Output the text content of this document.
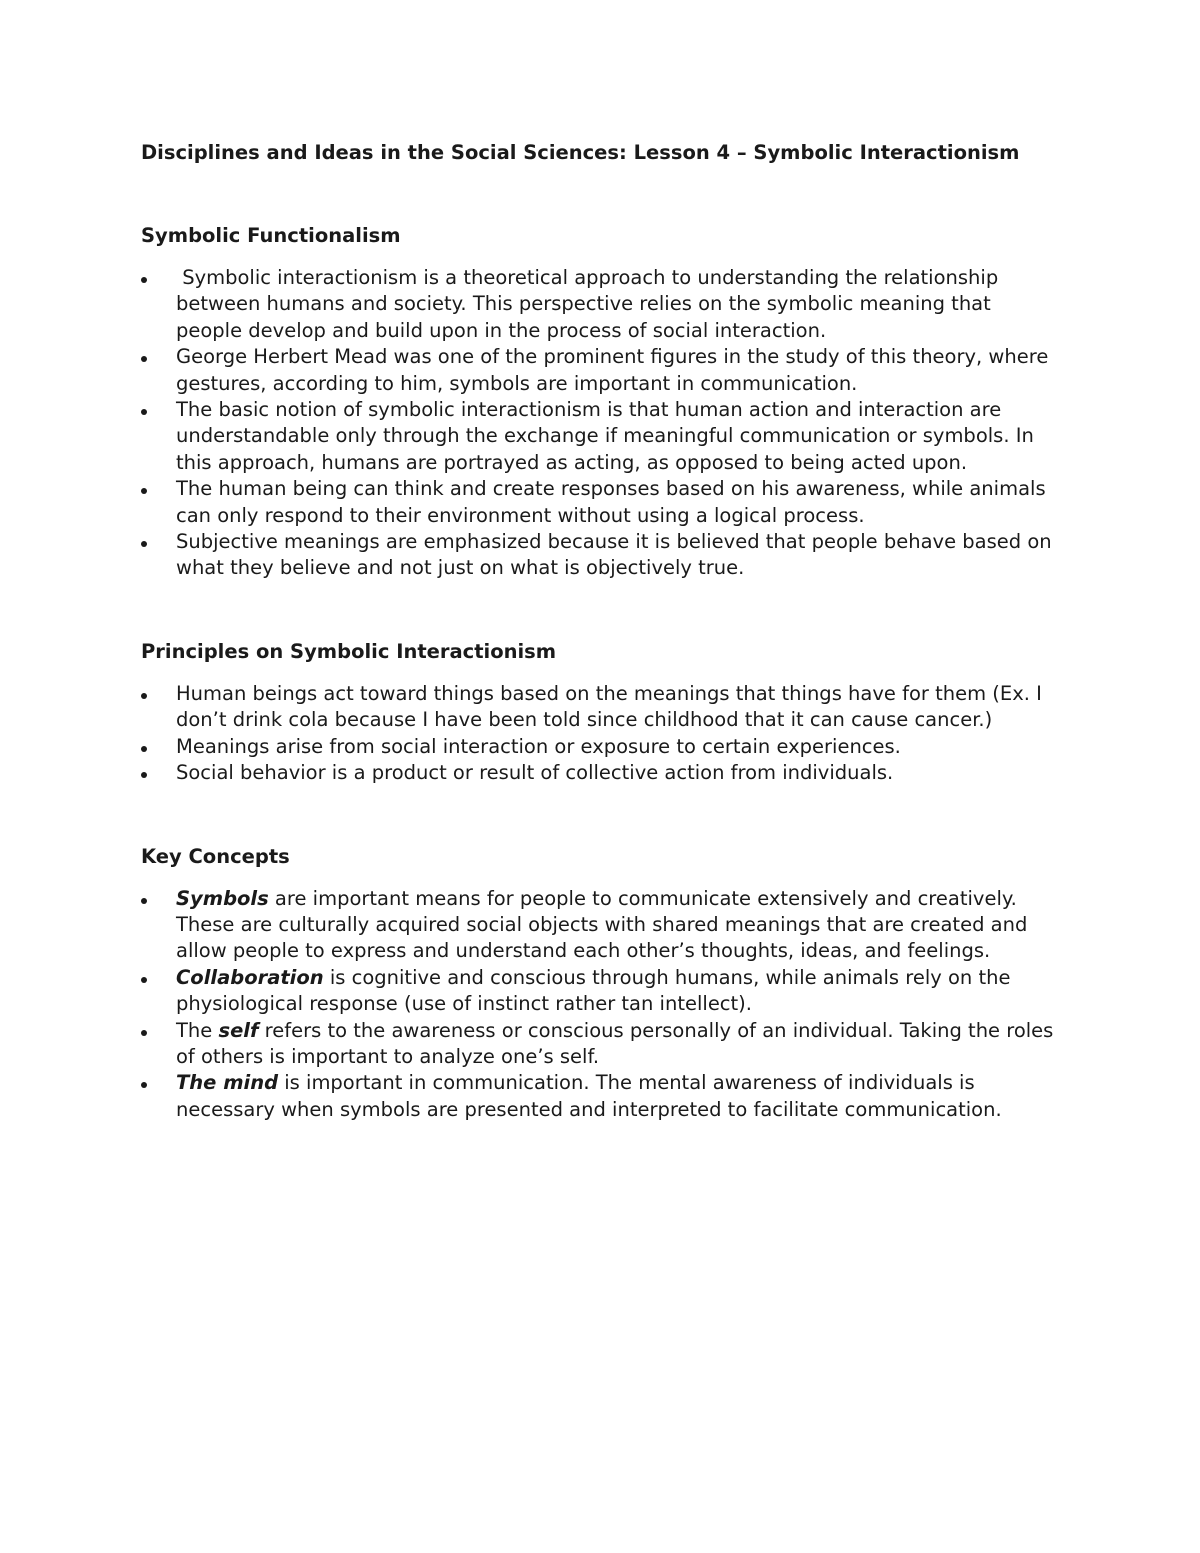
Disciplines and Ideas in the Social Sciences: Lesson 4 – Symbolic Interactionism
Symbolic Functionalism
Symbolic interactionism is a theoretical approach to understanding the relationship between humans and society. This perspective relies on the symbolic meaning that people develop and build upon in the process of social interaction.
George Herbert Mead was one of the prominent figures in the study of this theory, where gestures, according to him, symbols are important in communication.
The basic notion of symbolic interactionism is that human action and interaction are understandable only through the exchange if meaningful communication or symbols. In this approach, humans are portrayed as acting, as opposed to being acted upon.
The human being can think and create responses based on his awareness, while animals can only respond to their environment without using a logical process.
Subjective meanings are emphasized because it is believed that people behave based on what they believe and not just on what is objectively true.
Principles on Symbolic Interactionism
Human beings act toward things based on the meanings that things have for them (Ex. I don’t drink cola because I have been told since childhood that it can cause cancer.)
Meanings arise from social interaction or exposure to certain experiences.
Social behavior is a product or result of collective action from individuals.
Key Concepts
Symbols are important means for people to communicate extensively and creatively. These are culturally acquired social objects with shared meanings that are created and allow people to express and understand each other’s thoughts, ideas, and feelings.
Collaboration is cognitive and conscious through humans, while animals rely on the physiological response (use of instinct rather tan intellect).
The self refers to the awareness or conscious personally of an individual. Taking the roles of others is important to analyze one’s self.
The mind is important in communication. The mental awareness of individuals is necessary when symbols are presented and interpreted to facilitate communication.
